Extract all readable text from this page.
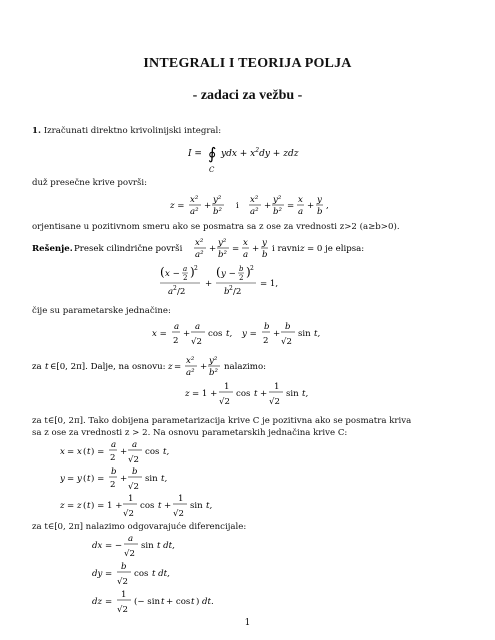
INTEGRALI I TEORIJA POLJA
- zadaci za vežbu -
1. Izračunati direktno krivolinijski integral:
I = ∮ ydx + $x^2dy$ + zdz
C
duž presečne krive površi:
z =
x²
a²
+
y²
b²
i
x²
a²
+
y²
b²
=
x
a
+
y
b
,
orjentisane u pozitivnom smeru ako se posmatra sa z ose za vrednosti z>2 (a≥b>0).
Rešenje. Presek cilindrične površi
x²
a²
+
y²
b²
=
x
a
+
y
b
i ravni z = 0 je elipsa:
( x − a
2 ) 2
a 2 /2
+
( y − b
2 ) 2
b 2 /2
= 1,
čije su parametarske jednačine:
x =
a
2
+
a
√2
cos t, y =
b
2
+
b
√2
sin t,
za t ∈[0, 2π]. Dalje, na osnovu: z =
x²
a²
+
y²
b²
nalazimo:
z = 1 +
1
√2
cos t +
1
√2
sin t,
za t∈[0, 2π]. Tako dobijena parametarizacija krive C je pozitivna ako se posmatra kriva
sa z ose za vrednosti z > 2. Na osnovu parametarskih jednačina krive C:
x = x ( t ) =
a
2
+
a
√2
cos t,
y = y ( t ) =
b
2
+
b
√2
sin t,
z = z ( t ) = 1 +
1
√2
cos t +
1
√2
sin t,
za t∈[0, 2π] nalazimo odgovarajuće diferencijale:
dx = −
a
√2
sin t dt,
dy =
b
√2
cos t dt,
dz =
1
√2
(− sin t + cos t ) dt.
1
